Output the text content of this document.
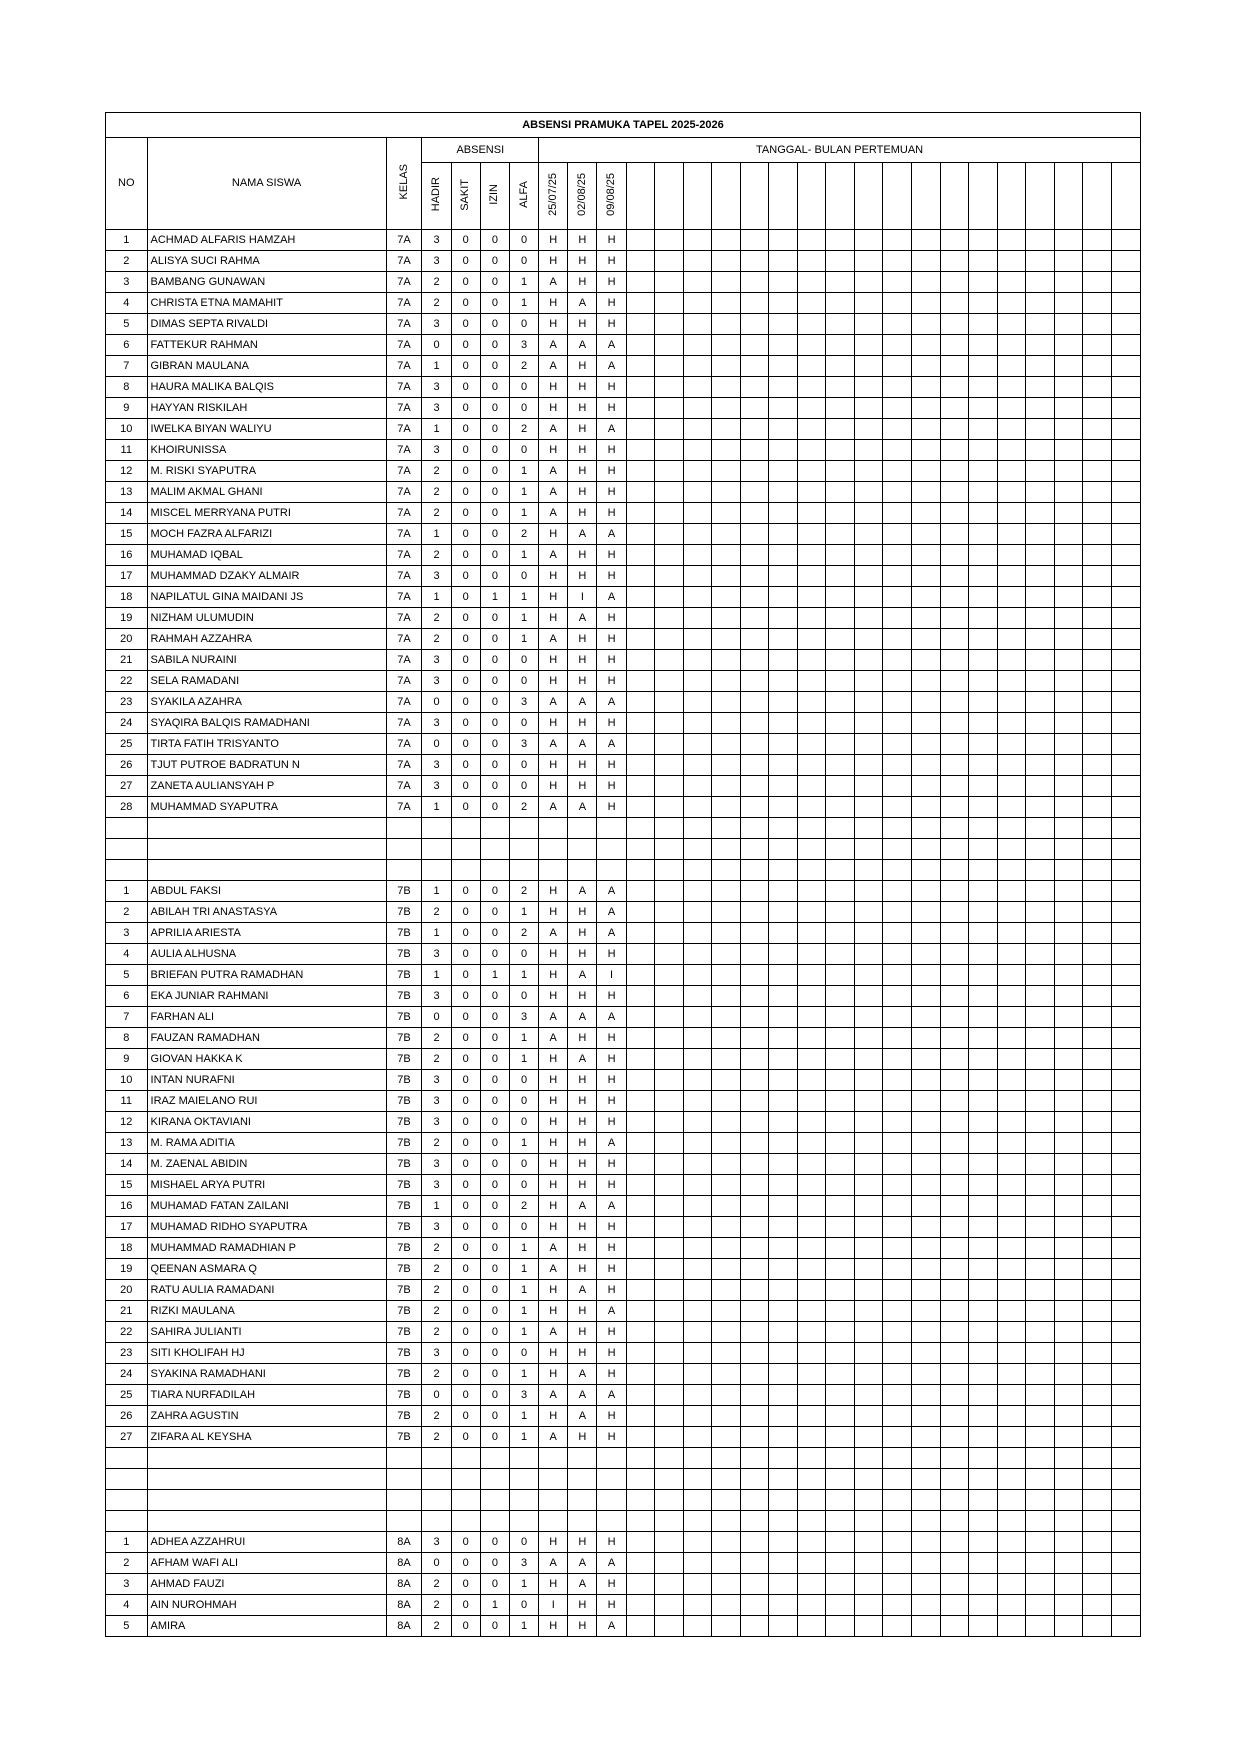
ABSENSI PRAMUKA TAPEL 2025-2026																											
NO	NAMA SISWA	KELAS	ABSENSI				TANGGAL- BULAN PERTEMUAN																				
			HADIR	SAKIT	IZIN	ALFA	25/07/25	02/08/25	09/08/25																		
1	ACHMAD ALFARIS HAMZAH	7A	3	0	0	0	H	H	H																		
2	ALISYA SUCI RAHMA	7A	3	0	0	0	H	H	H																		
3	BAMBANG GUNAWAN	7A	2	0	0	1	A	H	H																		
4	CHRISTA ETNA MAMAHIT	7A	2	0	0	1	H	A	H																		
5	DIMAS SEPTA RIVALDI	7A	3	0	0	0	H	H	H																		
6	FATTEKUR RAHMAN	7A	0	0	0	3	A	A	A																		
7	GIBRAN MAULANA	7A	1	0	0	2	A	H	A																		
8	HAURA MALIKA BALQIS	7A	3	0	0	0	H	H	H																		
9	HAYYAN RISKILAH	7A	3	0	0	0	H	H	H																		
10	IWELKA BIYAN WALIYU	7A	1	0	0	2	A	H	A																		
11	KHOIRUNISSA	7A	3	0	0	0	H	H	H																		
12	M. RISKI SYAPUTRA	7A	2	0	0	1	A	H	H																		
13	MALIM AKMAL GHANI	7A	2	0	0	1	A	H	H																		
14	MISCEL MERRYANA PUTRI	7A	2	0	0	1	A	H	H																		
15	MOCH FAZRA ALFARIZI	7A	1	0	0	2	H	A	A																		
16	MUHAMAD IQBAL	7A	2	0	0	1	A	H	H																		
17	MUHAMMAD DZAKY ALMAIR	7A	3	0	0	0	H	H	H																		
18	NAPILATUL GINA MAIDANI JS	7A	1	0	1	1	H	I	A																		
19	NIZHAM ULUMUDIN	7A	2	0	0	1	H	A	H																		
20	RAHMAH AZZAHRA	7A	2	0	0	1	A	H	H																		
21	SABILA NURAINI	7A	3	0	0	0	H	H	H																		
22	SELA RAMADANI	7A	3	0	0	0	H	H	H																		
23	SYAKILA AZAHRA	7A	0	0	0	3	A	A	A																		
24	SYAQIRA BALQIS RAMADHANI	7A	3	0	0	0	H	H	H																		
25	TIRTA FATIH TRISYANTO	7A	0	0	0	3	A	A	A																		
26	TJUT PUTROE BADRATUN N	7A	3	0	0	0	H	H	H																		
27	ZANETA AULIANSYAH P	7A	3	0	0	0	H	H	H																		
28	MUHAMMAD SYAPUTRA	7A	1	0	0	2	A	A	H																		

1	ABDUL FAKSI	7B	1	0	0	2	H	A	A																		
2	ABILAH TRI ANASTASYA	7B	2	0	0	1	H	H	A																		
3	APRILIA ARIESTA	7B	1	0	0	2	A	H	A																		
4	AULIA ALHUSNA	7B	3	0	0	0	H	H	H																		
5	BRIEFAN PUTRA RAMADHAN	7B	1	0	1	1	H	A	I																		
6	EKA JUNIAR RAHMANI	7B	3	0	0	0	H	H	H																		
7	FARHAN ALI	7B	0	0	0	3	A	A	A																		
8	FAUZAN RAMADHAN	7B	2	0	0	1	A	H	H																		
9	GIOVAN HAKKA K	7B	2	0	0	1	H	A	H																		
10	INTAN NURAFNI	7B	3	0	0	0	H	H	H																		
11	IRAZ MAIELANO RUI	7B	3	0	0	0	H	H	H																		
12	KIRANA OKTAVIANI	7B	3	0	0	0	H	H	H																		
13	M. RAMA ADITIA	7B	2	0	0	1	H	H	A																		
14	M. ZAENAL ABIDIN	7B	3	0	0	0	H	H	H																		
15	MISHAEL ARYA PUTRI	7B	3	0	0	0	H	H	H																		
16	MUHAMAD FATAN ZAILANI	7B	1	0	0	2	H	A	A																		
17	MUHAMAD RIDHO SYAPUTRA	7B	3	0	0	0	H	H	H																		
18	MUHAMMAD RAMADHIAN P	7B	2	0	0	1	A	H	H																		
19	QEENAN ASMARA Q	7B	2	0	0	1	A	H	H																		
20	RATU AULIA RAMADANI	7B	2	0	0	1	H	A	H																		
21	RIZKI MAULANA	7B	2	0	0	1	H	H	A																		
22	SAHIRA JULIANTI	7B	2	0	0	1	A	H	H																		
23	SITI KHOLIFAH HJ	7B	3	0	0	0	H	H	H																		
24	SYAKINA RAMADHANI	7B	2	0	0	1	H	A	H																		
25	TIARA NURFADILAH	7B	0	0	0	3	A	A	A																		
26	ZAHRA AGUSTIN	7B	2	0	0	1	H	A	H																		
27	ZIFARA AL KEYSHA	7B	2	0	0	1	A	H	H																		

1	ADHEA AZZAHRUI	8A	3	0	0	0	H	H	H																		
2	AFHAM WAFI ALI	8A	0	0	0	3	A	A	A																		
3	AHMAD FAUZI	8A	2	0	0	1	H	A	H																		
4	AIN NUROHMAH	8A	2	0	1	0	I	H	H																		
5	AMIRA	8A	2	0	0	1	H	H	A																		
